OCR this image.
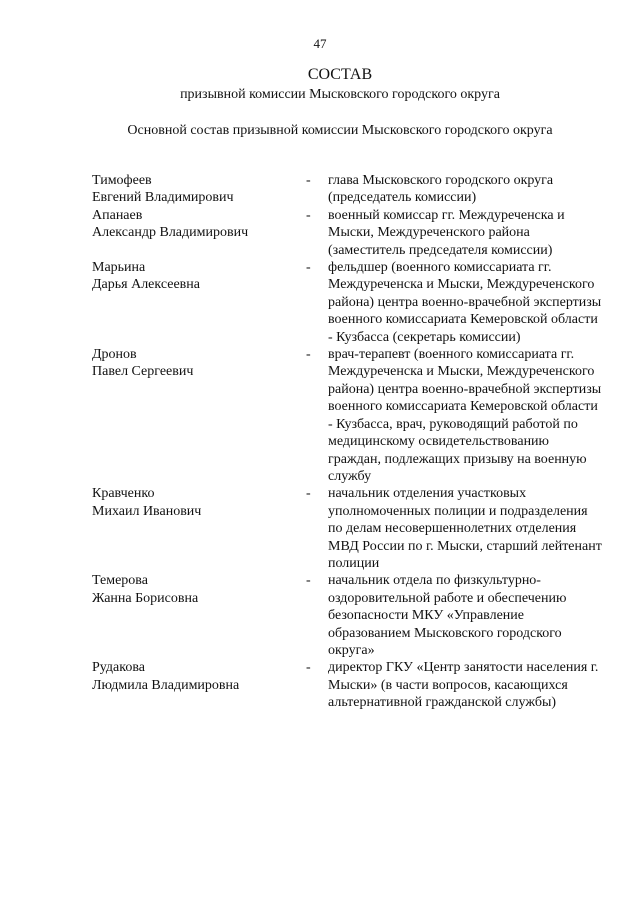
47
СОСТАВ
призывной комиссии Мысковского городского округа
Основной состав призывной комиссии Мысковского городского округа
Тимофеев
Евгений Владимирович
-	глава Мысковского городского округа (председатель комиссии)
Апанаев
Александр Владимирович
-	военный комиссар гг. Междуреченска и Мыски, Междуреченского района (заместитель председателя комиссии)
Марьина
Дарья Алексеевна
-	фельдшер (военного комиссариата гг. Междуреченска и Мыски, Междуреченского района) центра военно-врачебной экспертизы военного комиссариата Кемеровской области - Кузбасса (секретарь комиссии)
Дронов
Павел Сергеевич
-	врач-терапевт (военного комиссариата гг. Междуреченска и Мыски, Междуреченского района) центра военно-врачебной экспертизы военного комиссариата Кемеровской области - Кузбасса, врач, руководящий работой по медицинскому освидетельствованию граждан, подлежащих призыву на военную службу
Кравченко
Михаил Иванович
-	начальник отделения участковых уполномоченных полиции и подразделения по делам несовершеннолетних отделения МВД России по г. Мыски, старший лейтенант полиции
Темерова
Жанна Борисовна
-	начальник отдела по физкультурно-оздоровительной работе и обеспечению безопасности МКУ «Управление образованием Мысковского городского округа»
Рудакова
Людмила Владимировна
-	директор ГКУ «Центр занятости населения г. Мыски» (в части вопросов, касающихся альтернативной гражданской службы)
